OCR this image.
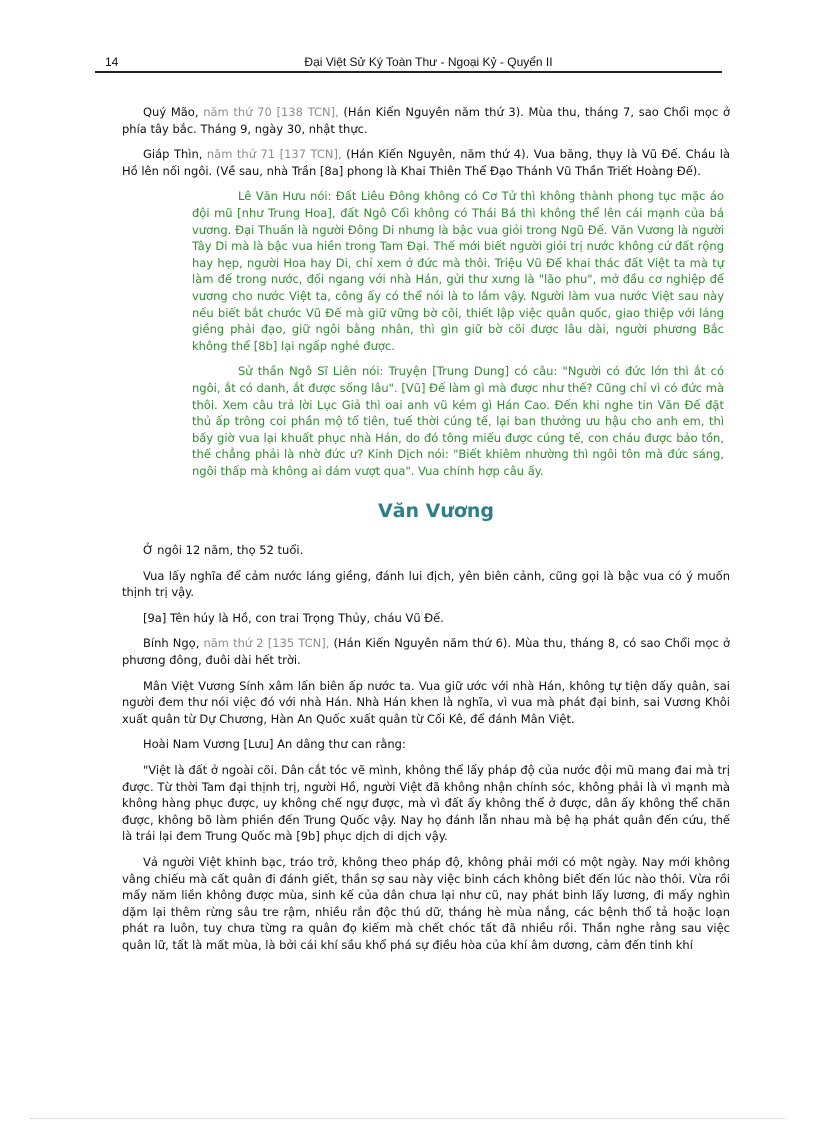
14	Đại Việt Sử Ký Toàn Thư - Ngoại Kỷ - Quyển II

Quý Mão, năm thứ 70 [138 TCN], (Hán Kiến Nguyên năm thứ 3). Mùa thu, tháng 7, sao Chổi mọc ở phía tây bắc. Tháng 9, ngày 30, nhật thực.

Giáp Thìn, năm thứ 71 [137 TCN], (Hán Kiến Nguyên, năm thứ 4). Vua băng, thụy là Vũ Đế. Cháu là Hồ lên nối ngôi. (Về sau, nhà Trần [8a] phong là Khai Thiên Thể Đạo Thánh Vũ Thần Triết Hoàng Đế).

Lê Văn Hưu nói: Đất Liêu Đông không có Cơ Tử thì không thành phong tục mặc áo đội mũ [như Trung Hoa], đất Ngô Cối không có Thái Bá thì không thể lên cái mạnh của bá vương. Đại Thuấn là người Đông Di nhưng là bậc vua giỏi trong Ngũ Đế. Văn Vương là người Tây Di mà là bậc vua hiền trong Tam Đại. Thế mới biết người giỏi trị nước không cứ đất rộng hay hẹp, người Hoa hay Di, chỉ xem ở đức mà thôi. Triệu Vũ Đế khai thác đất Việt ta mà tự làm đế trong nước, đối ngang với nhà Hán, gửi thư xưng là "lão phu", mở đầu cơ nghiệp đế vương cho nước Việt ta, công ấy có thể nói là to lắm vậy. Người làm vua nước Việt sau này nếu biết bắt chước Vũ Đế mà giữ vững bờ cõi, thiết lập việc quân quốc, giao thiệp với láng giềng phải đạo, giữ ngôi bằng nhân, thì gìn giữ bờ cõi được lâu dài, người phương Bắc không thể [8b] lại ngấp nghé được.

Sử thần Ngô Sĩ Liên nói: Truyện [Trung Dung] có câu: "Người có đức lớn thì ắt có ngôi, ắt có danh, ắt được sống lâu". [Vũ] Đế làm gì mà được như thế? Cũng chỉ vì có đức mà thôi. Xem câu trả lời Lục Giả thì oai anh vũ kém gì Hán Cao. Đến khi nghe tin Văn Đế đặt thủ ấp trông coi phần mộ tổ tiên, tuế thời cúng tế, lại ban thưởng ưu hậu cho anh em, thì bấy giờ vua lại khuất phục nhà Hán, do đó tông miếu được cúng tế, con cháu được bảo tồn, thế chẳng phải là nhờ đức ư? Kinh Dịch nói: "Biết khiêm nhường thì ngôi tôn mà đức sáng, ngôi thấp mà không ai dám vượt qua". Vua chính hợp câu ấy.

Văn Vương

Ở ngôi 12 năm, thọ 52 tuổi.

Vua lấy nghĩa để cảm nước láng giềng, đánh lui địch, yên biên cảnh, cũng gọi là bậc vua có ý muốn thịnh trị vậy.

[9a] Tên húy là Hồ, con trai Trọng Thủy, cháu Vũ Đế.

Bính Ngọ, năm thứ 2 [135 TCN], (Hán Kiến Nguyên năm thứ 6). Mùa thu, tháng 8, có sao Chổi mọc ở phương đông, đuôi dài hết trời.

Mân Việt Vương Sính xâm lấn biên ấp nước ta. Vua giữ ước với nhà Hán, không tự tiện dấy quân, sai người đem thư nói việc đó với nhà Hán. Nhà Hán khen là nghĩa, vì vua mà phát đại binh, sai Vương Khôi xuất quân từ Dự Chương, Hàn An Quốc xuất quân từ Cối Kê, để đánh Mân Việt.

Hoài Nam Vương [Lưu] An dâng thư can rằng:

"Việt là đất ở ngoài cõi. Dân cắt tóc vẽ mình, không thể lấy pháp độ của nước đội mũ mang đai mà trị được. Từ thời Tam đại thịnh trị, người Hồ, người Việt đã không nhận chính sóc, không phải là vì mạnh mà không hàng phục được, uy không chế ngự được, mà vì đất ấy không thể ở được, dân ấy không thể chăn được, không bõ làm phiền đến Trung Quốc vậy. Nay họ đánh lẫn nhau mà bệ hạ phát quân đến cứu, thế là trái lại đem Trung Quốc mà [9b] phục dịch di dịch vậy.

Vả người Việt khinh bạc, tráo trở, không theo pháp độ, không phải mới có một ngày. Nay mới không vâng chiếu mà cất quân đi đánh giết, thần sợ sau này việc binh cách không biết đến lúc nào thôi. Vừa rồi mấy năm liền không được mùa, sinh kế của dân chưa lại như cũ, nay phát binh lấy lương, đi mấy nghìn dặm lại thêm rừng sâu tre rậm, nhiều rắn độc thú dữ, tháng hè mùa nắng, các bệnh thổ tả hoặc loạn phát ra luôn, tuy chưa từng ra quân đọ kiếm mà chết chóc tất đã nhiều rồi. Thần nghe rằng sau việc quân lữ, tất là mất mùa, là bởi cái khí sầu khổ phá sự điều hòa của khí âm dương, cảm đến tinh khí
